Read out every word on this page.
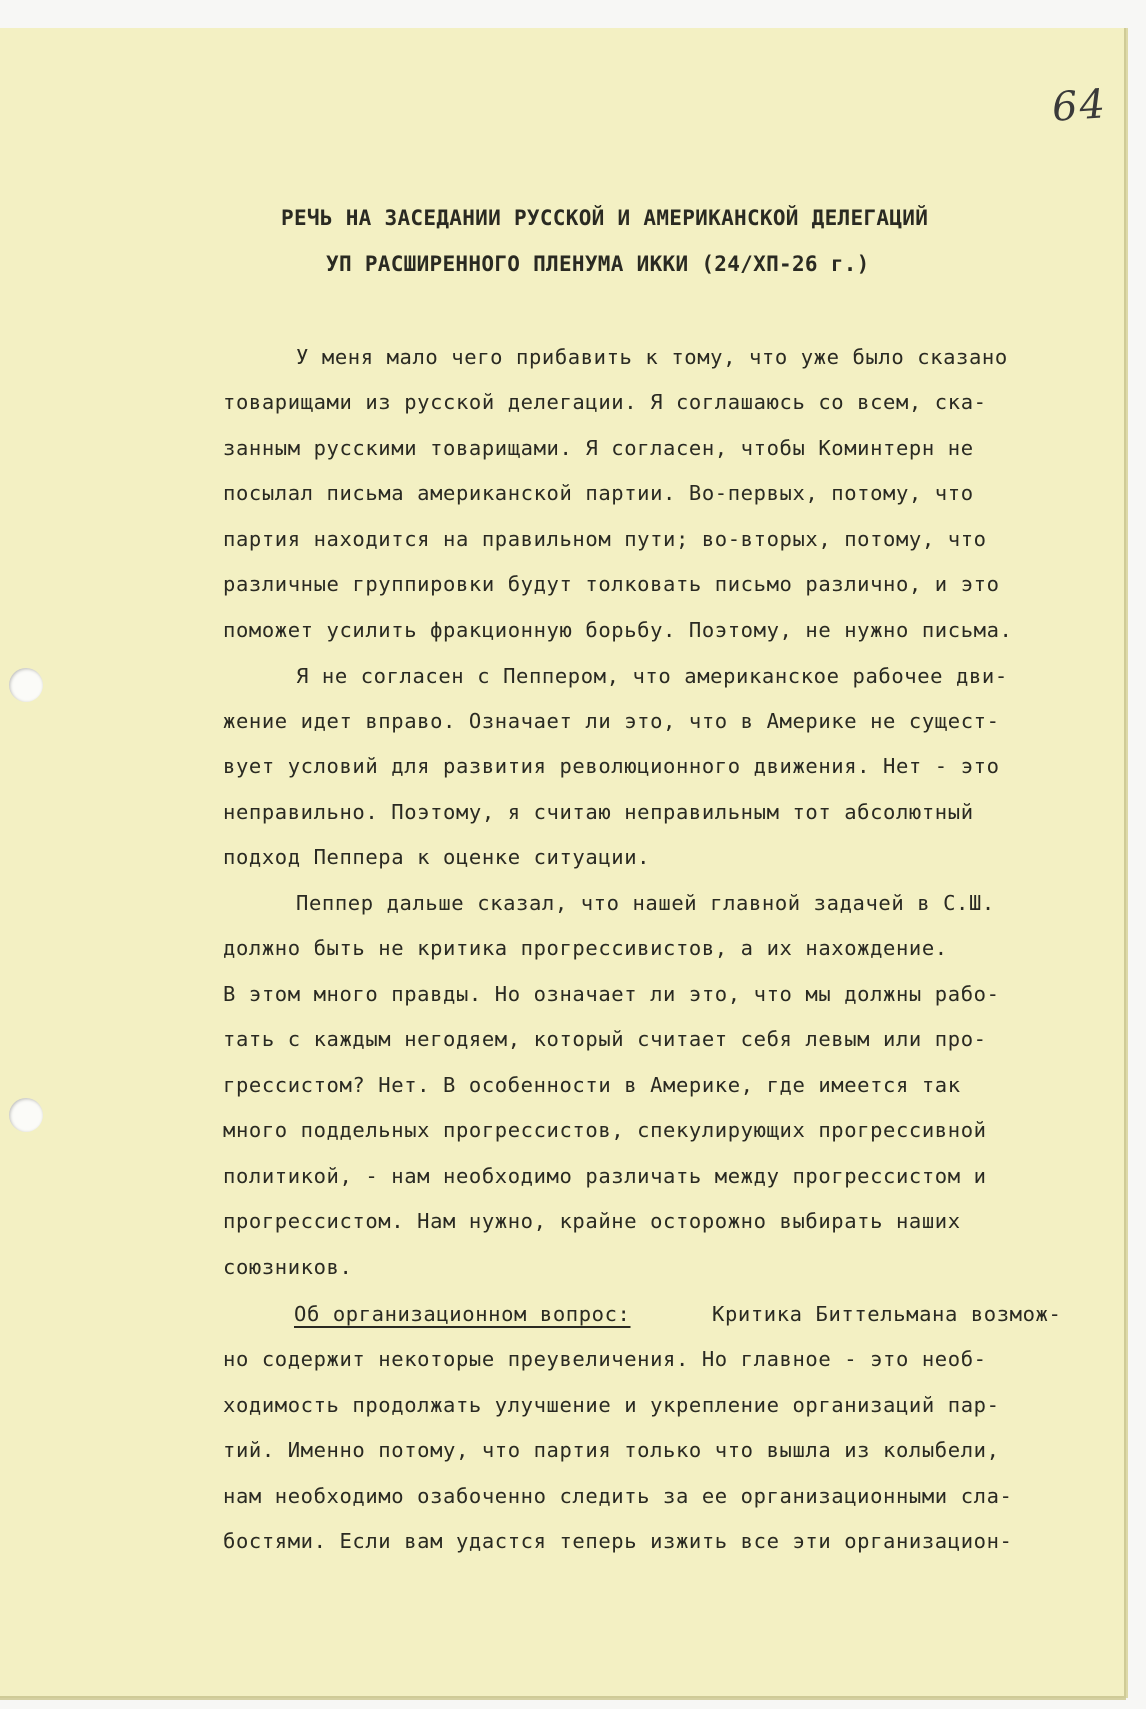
64
РЕЧЬ НА ЗАСЕДАНИИ РУССКОЙ И АМЕРИКАНСКОЙ ДЕЛЕГАЦИЙ
УП РАСШИРЕННОГО ПЛЕНУМА ИККИ (24/ХП-26 г.)
У меня мало чего прибавить к тому, что уже было сказано
товарищами из русской делегации. Я соглашаюсь со всем, ска-
занным русскими товарищами. Я согласен, чтобы Коминтерн не
посылал письма американской партии. Во-первых, потому, что
партия находится на правильном пути; во-вторых, потому, что
различные группировки будут толковать письмо различно, и это
поможет усилить фракционную борьбу. Поэтому, не нужно письма.
Я не согласен с Пеппером, что американское рабочее дви-
жение идет вправо. Означает ли это, что в Америке не сущест-
вует условий для развития революционного движения. Нет - это
неправильно. Поэтому, я считаю неправильным тот абсолютный
подход Пеппера к оценке ситуации.
Пеппер дальше сказал, что нашей главной задачей в С.Ш.
должно быть не критика прогрессивистов, а их нахождение.
В этом много правды. Но означает ли это, что мы должны рабо-
тать с каждым негодяем, который считает себя левым или про-
грессистом? Нет. В особенности в Америке, где имеется так
много поддельных прогрессистов, спекулирующих прогрессивной
политикой, - нам необходимо различать между прогрессистом и
прогрессистом. Нам нужно, крайне осторожно выбирать наших
союзников.
Об организационном вопрос:	Критика Биттельмана возмож-
но содержит некоторые преувеличения. Но главное - это необ-
ходимость продолжать улучшение и укрепление организаций пар-
тий. Именно потому, что партия только что вышла из колыбели,
нам необходимо озабоченно следить за ее организационными сла-
бостями. Если вам удастся теперь изжить все эти организацион-
